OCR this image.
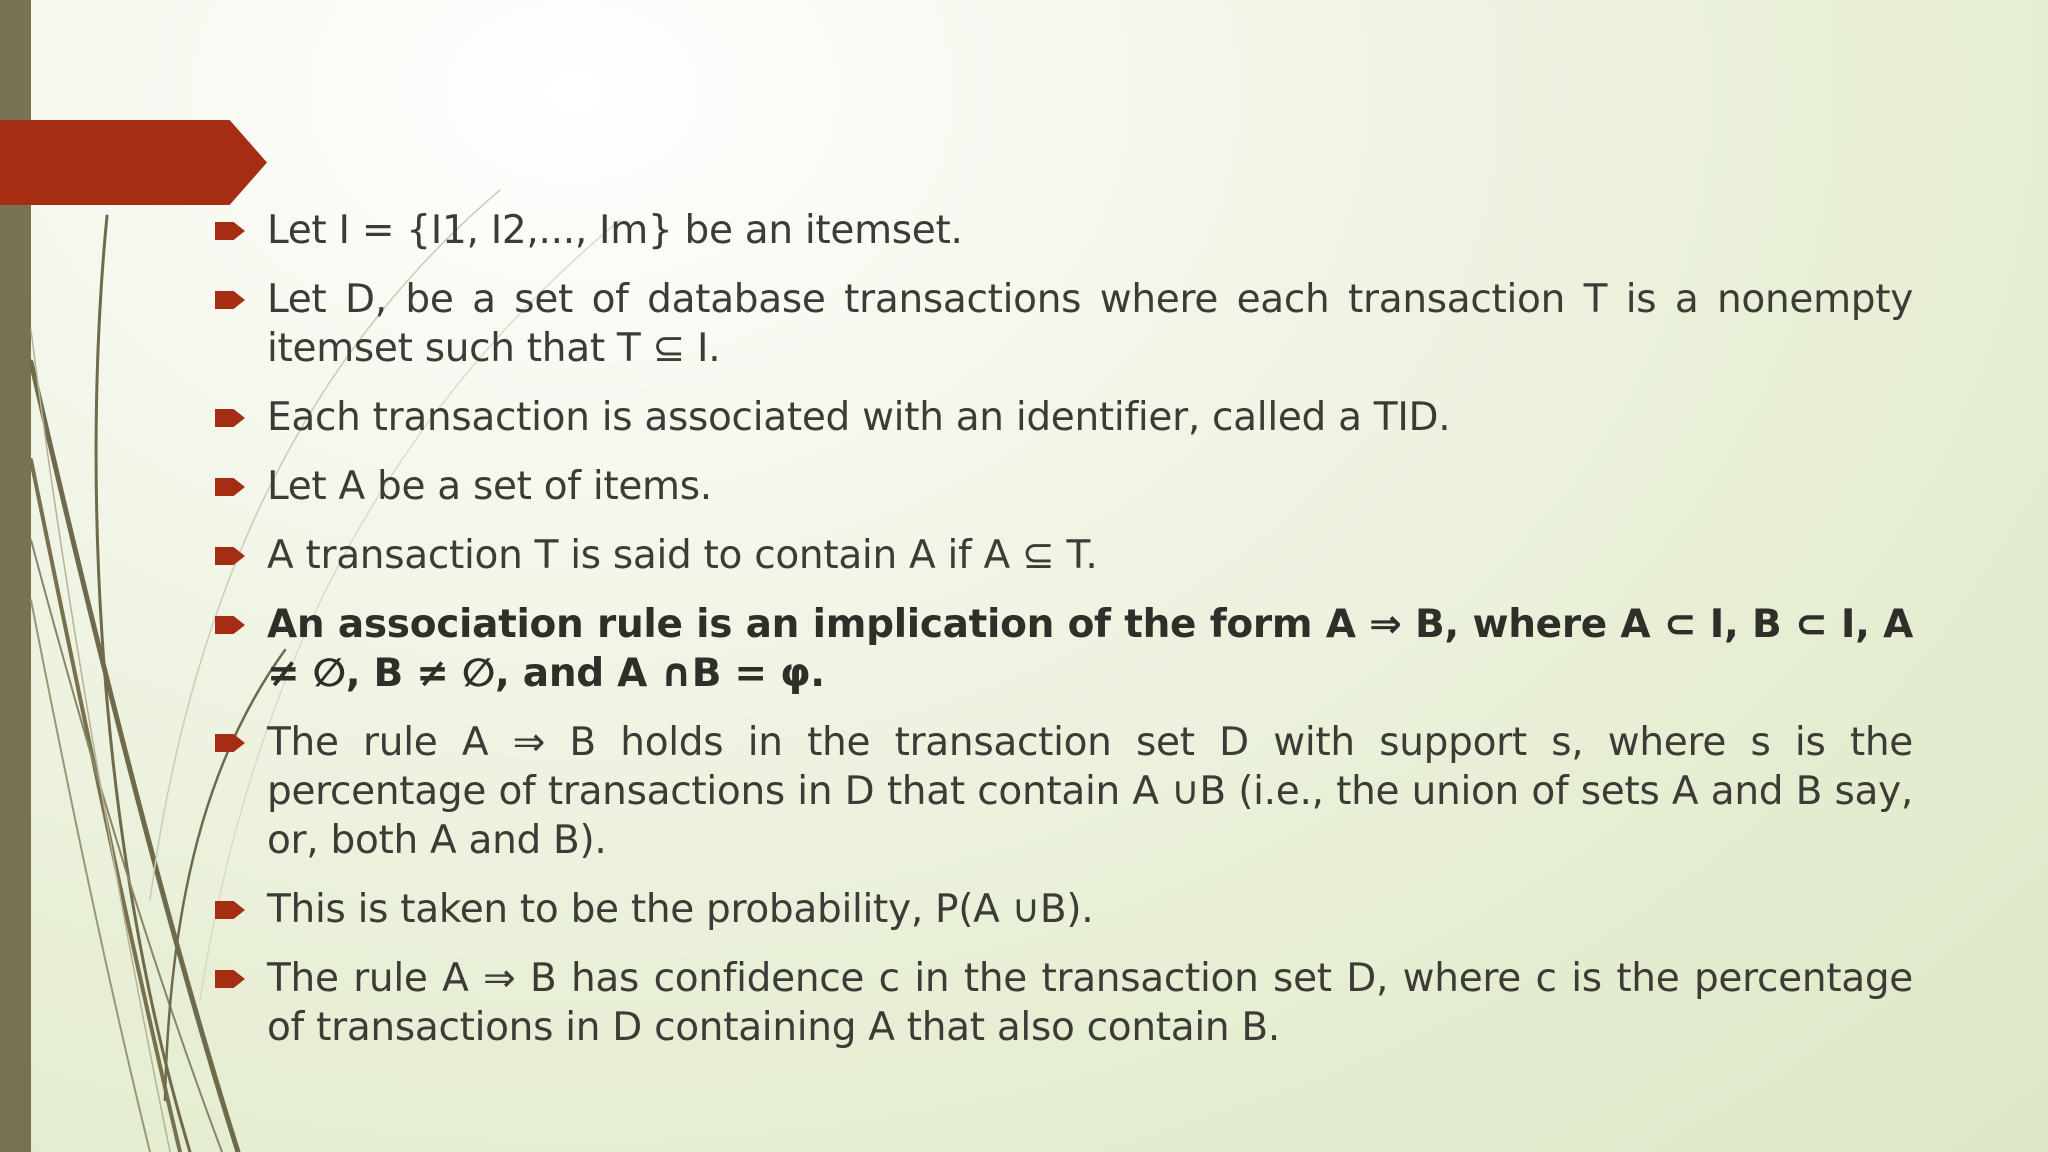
Let I = {I1, I2,..., Im} be an itemset.
Let D, be a set of database transactions where each transaction T is a nonempty itemset such that T ⊆ I.
Each transaction is associated with an identifier, called a TID.
Let A be a set of items.
A transaction T is said to contain A if A ⊆ T.
An association rule is an implication of the form A ⇒ B, where A ⊂ I, B ⊂ I, A ≠ ∅, B ≠ ∅, and A ∩B = φ.
The rule A ⇒ B holds in the transaction set D with support s, where s is the percentage of transactions in D that contain A ∪B (i.e., the union of sets A and B say, or, both A and B).
This is taken to be the probability, P(A ∪B).
The rule A ⇒ B has confidence c in the transaction set D, where c is the percentage of transactions in D containing A that also contain B.
